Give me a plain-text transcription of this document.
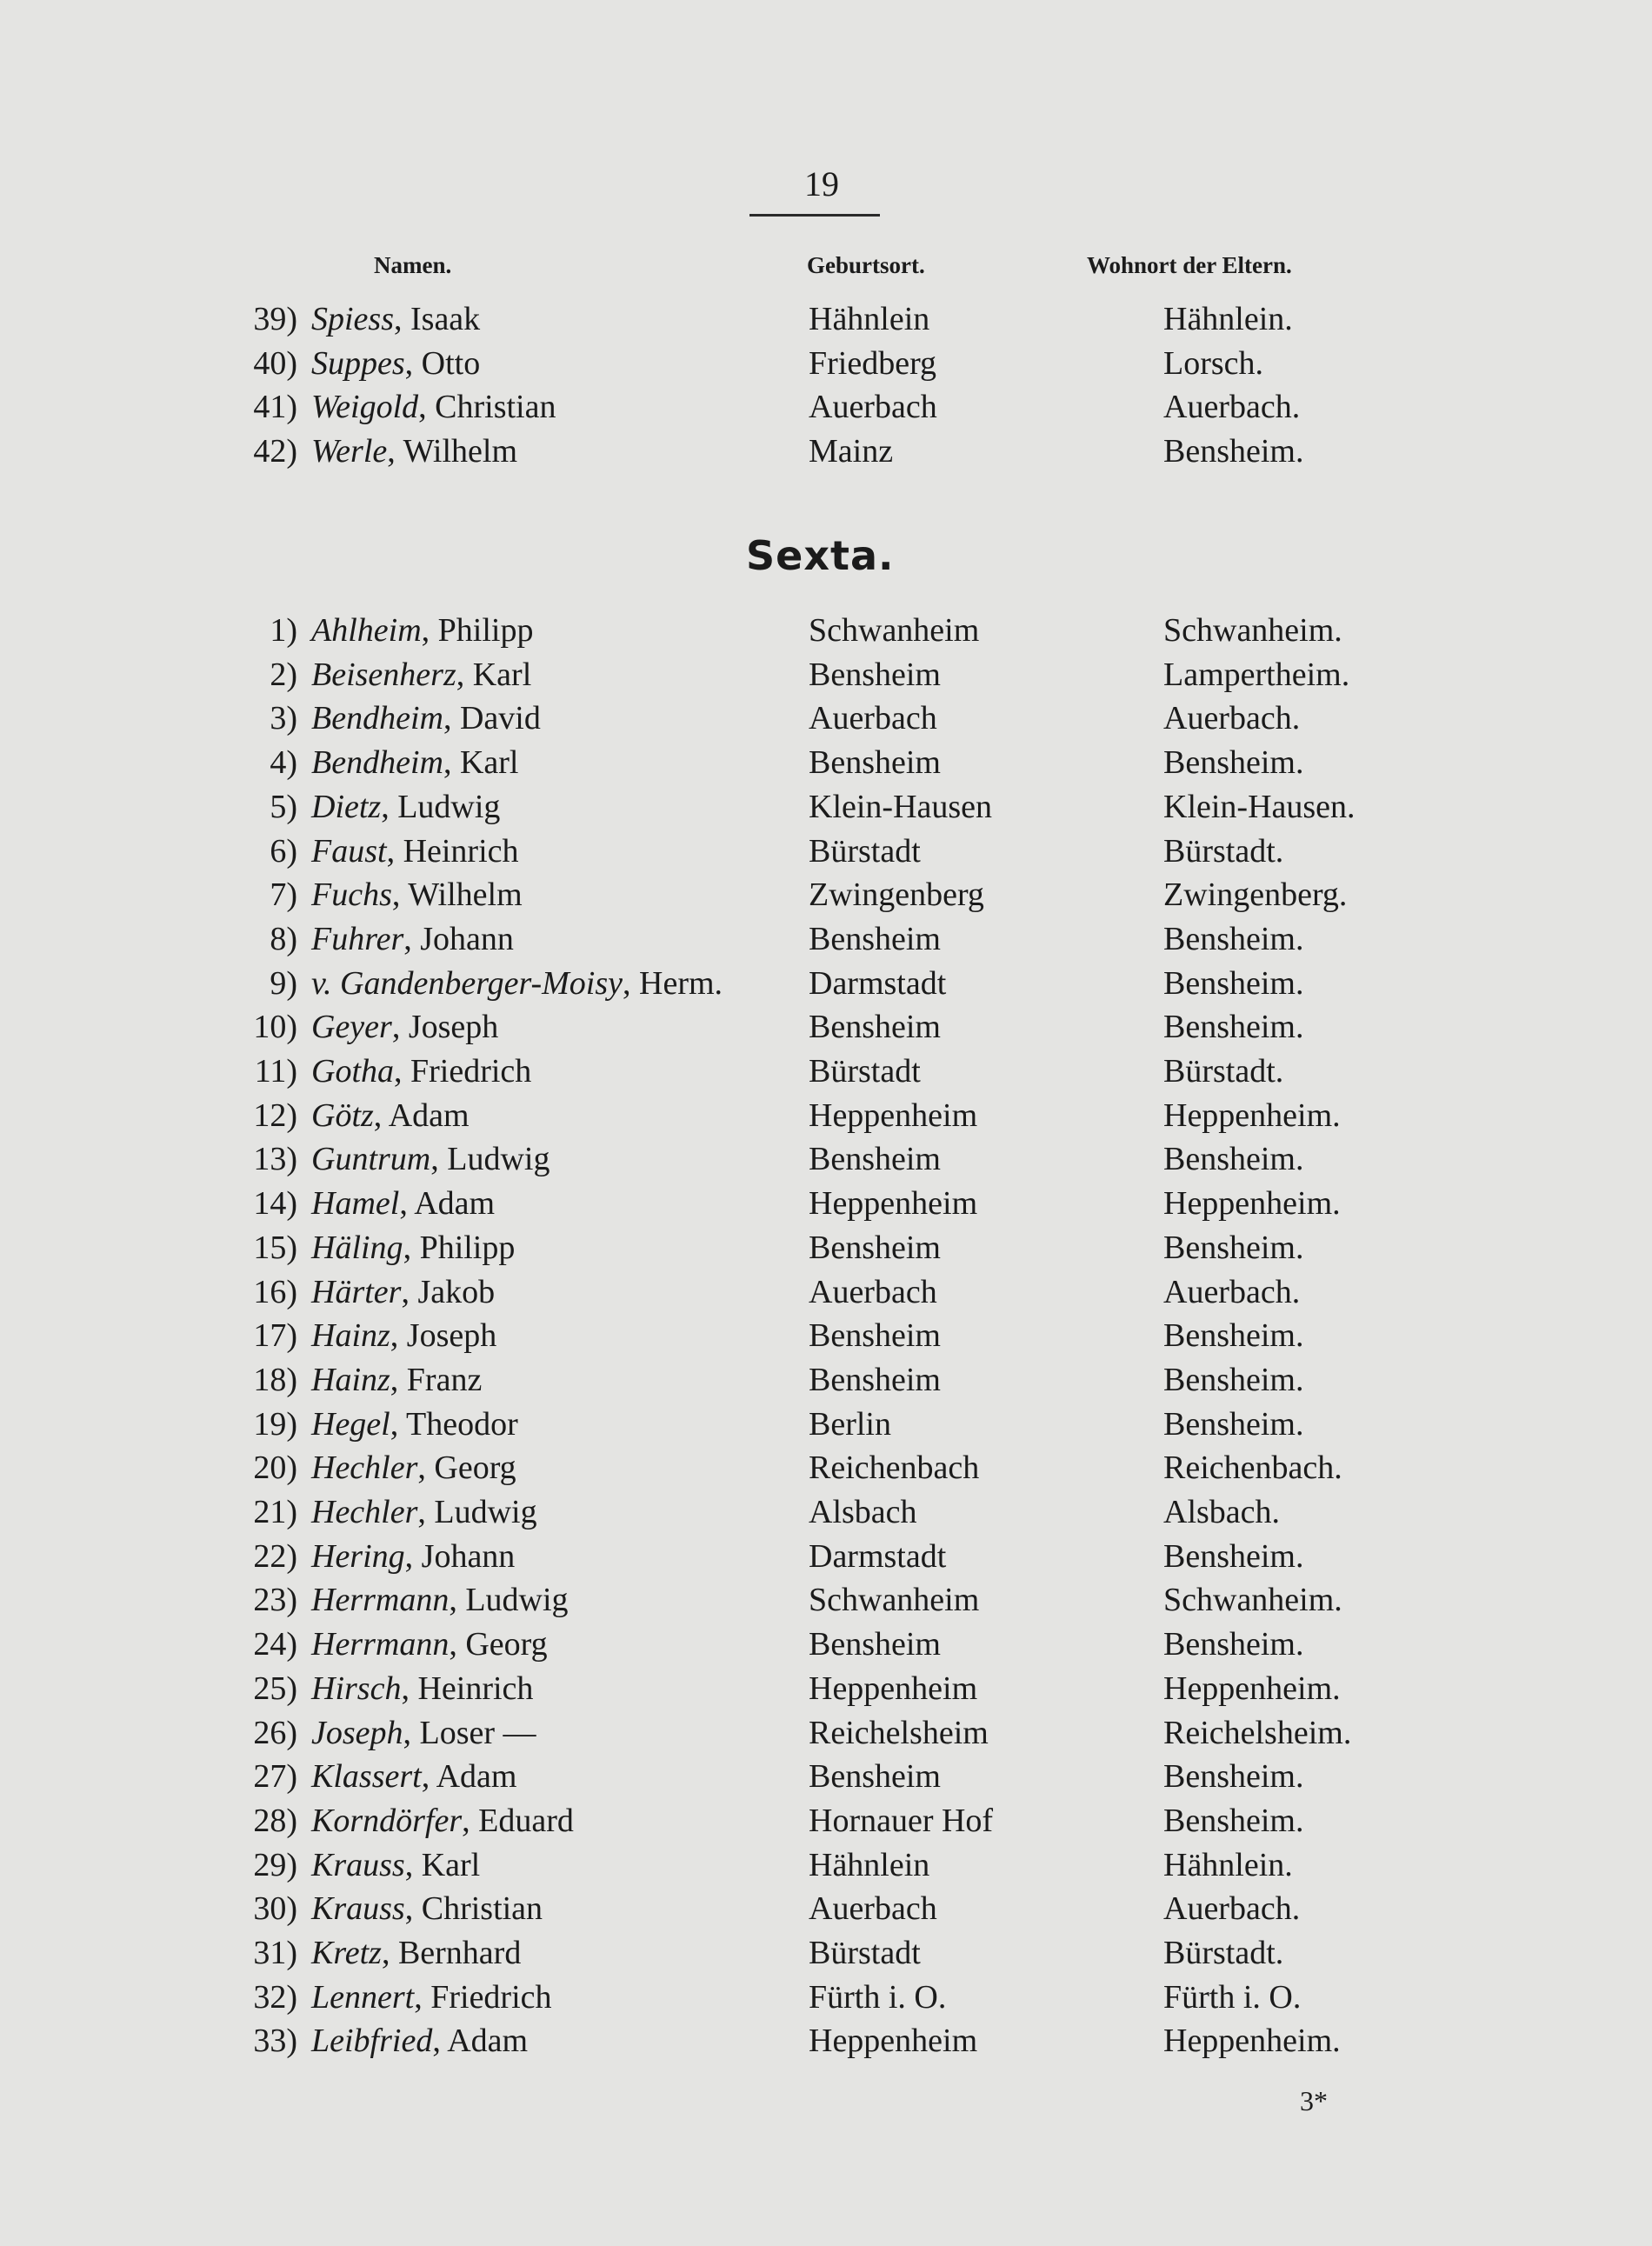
19
Namen.	Geburtsort.	Wohnort der Eltern.
39) Spiess, Isaak	Hähnlein	Hähnlein.
40) Suppes, Otto	Friedberg	Lorsch.
41) Weigold, Christian	Auerbach	Auerbach.
42) Werle, Wilhelm	Mainz	Bensheim.
Sexta.
1) Ahlheim, Philipp	Schwanheim	Schwanheim.
2) Beisenherz, Karl	Bensheim	Lampertheim.
3) Bendheim, David	Auerbach	Auerbach.
4) Bendheim, Karl	Bensheim	Bensheim.
5) Dietz, Ludwig	Klein-Hausen	Klein-Hausen.
6) Faust, Heinrich	Bürstadt	Bürstadt.
7) Fuchs, Wilhelm	Zwingenberg	Zwingenberg.
8) Fuhrer, Johann	Bensheim	Bensheim.
9) v. Gandenberger-Moisy, Herm.	Darmstadt	Bensheim.
10) Geyer, Joseph	Bensheim	Bensheim.
11) Gotha, Friedrich	Bürstadt	Bürstadt.
12) Götz, Adam	Heppenheim	Heppenheim.
13) Guntrum, Ludwig	Bensheim	Bensheim.
14) Hamel, Adam	Heppenheim	Heppenheim.
15) Häling, Philipp	Bensheim	Bensheim.
16) Härter, Jakob	Auerbach	Auerbach.
17) Hainz, Joseph	Bensheim	Bensheim.
18) Hainz, Franz	Bensheim	Bensheim.
19) Hegel, Theodor	Berlin	Bensheim.
20) Hechler, Georg	Reichenbach	Reichenbach.
21) Hechler, Ludwig	Alsbach	Alsbach.
22) Hering, Johann	Darmstadt	Bensheim.
23) Herrmann, Ludwig	Schwanheim	Schwanheim.
24) Herrmann, Georg	Bensheim	Bensheim.
25) Hirsch, Heinrich	Heppenheim	Heppenheim.
26) Joseph, Loser —	Reichelsheim	Reichelsheim.
27) Klassert, Adam	Bensheim	Bensheim.
28) Korndörfer, Eduard	Hornauer Hof	Bensheim.
29) Krauss, Karl	Hähnlein	Hähnlein.
30) Krauss, Christian	Auerbach	Auerbach.
31) Kretz, Bernhard	Bürstadt	Bürstadt.
32) Lennert, Friedrich	Fürth i. O.	Fürth i. O.
33) Leibfried, Adam	Heppenheim	Heppenheim.
3*
